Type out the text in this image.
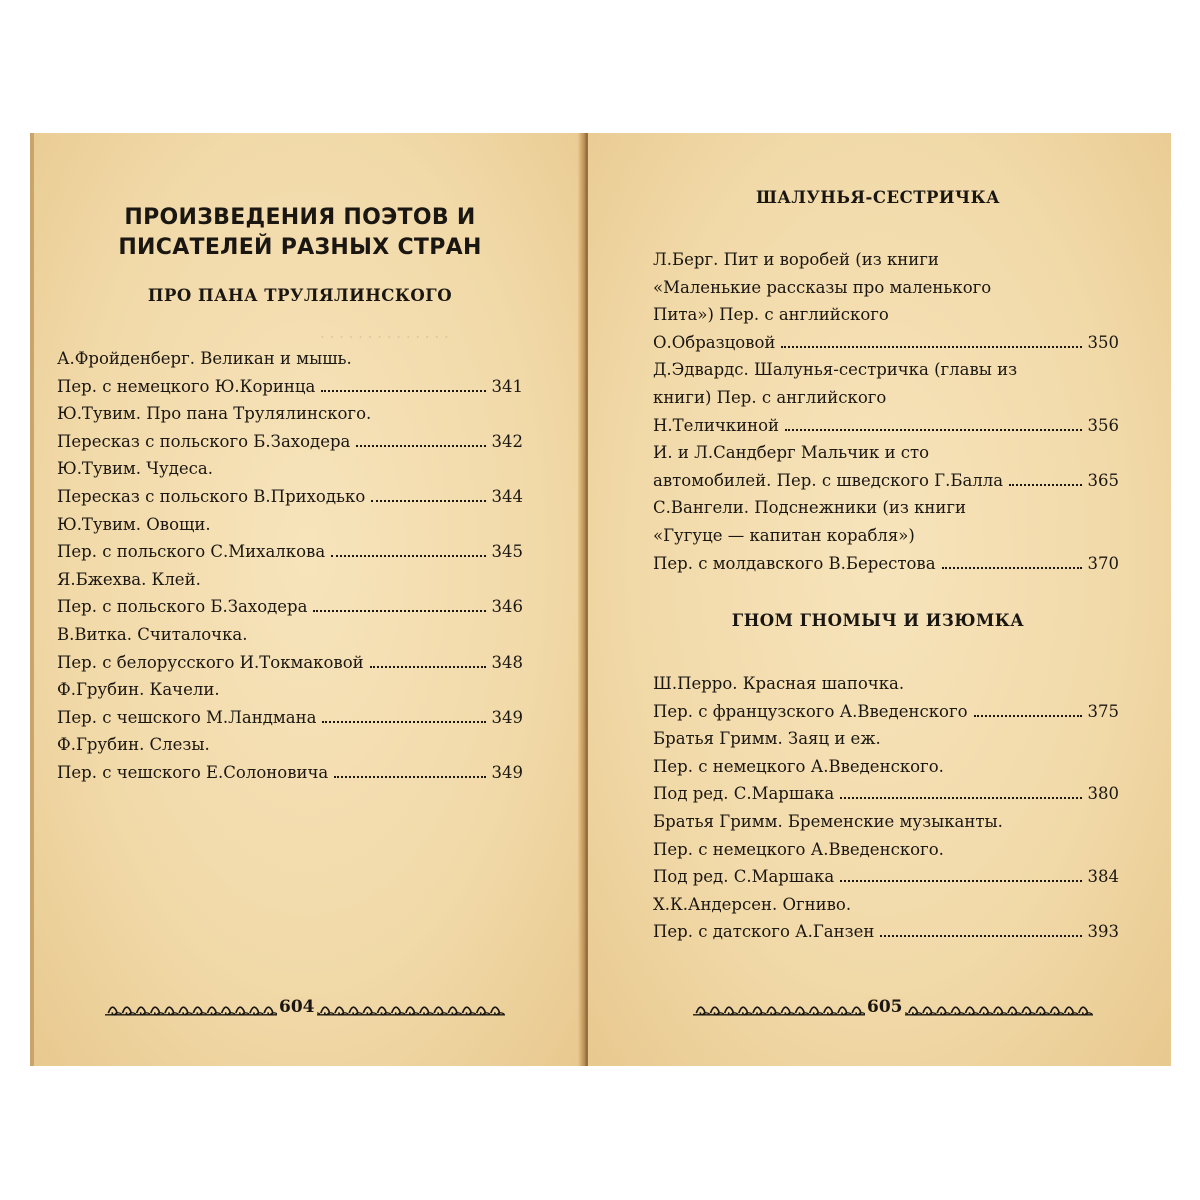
· · · · · · · · · · · · · ·
ПРОИЗВЕДЕНИЯ ПОЭТОВ И
ПИСАТЕЛЕЙ РАЗНЫХ СТРАН
ПРО ПАНА ТРУЛЯЛИНСКОГО
А.Фройденберг. Великан и мышь.
Пер. с немецкого Ю.Коринца	341
Ю.Тувим. Про пана Трулялинского.
Пересказ с польского Б.Заходера	342
Ю.Тувим. Чудеса.
Пересказ с польского В.Приходько	344
Ю.Тувим. Овощи.
Пер. с польского С.Михалкова	345
Я.Бжехва. Клей.
Пер. с польского Б.Заходера	346
В.Витка. Считалочка.
Пер. с белорусского И.Токмаковой	348
Ф.Грубин. Качели.
Пер. с чешского М.Ландмана	349
Ф.Грубин. Слезы.
Пер. с чешского Е.Солоновича	349
604
ШАЛУНЬЯ-СЕСТРИЧКА
Л.Берг. Пит и воробей (из книги
«Маленькие рассказы про маленького
Пита») Пер. с английского
О.Образцовой	350
Д.Эдвардс. Шалунья-сестричка (главы из
книги) Пер. с английского
Н.Теличкиной	356
И. и Л.Сандберг Мальчик и сто
автомобилей. Пер. с шведского Г.Балла	365
С.Вангели. Подснежники (из книги
«Гугуце — капитан корабля»)
Пер. с молдавского В.Берестова	370
ГНОМ ГНОМЫЧ И ИЗЮМКА
Ш.Перро. Красная шапочка.
Пер. с французского А.Введенского	375
Братья Гримм. Заяц и еж.
Пер. с немецкого А.Введенского.
Под ред. С.Маршака	380
Братья Гримм. Бременские музыканты.
Пер. с немецкого А.Введенского.
Под ред. С.Маршака	384
Х.К.Андерсен. Огниво.
Пер. с датского А.Ганзен	393
605
